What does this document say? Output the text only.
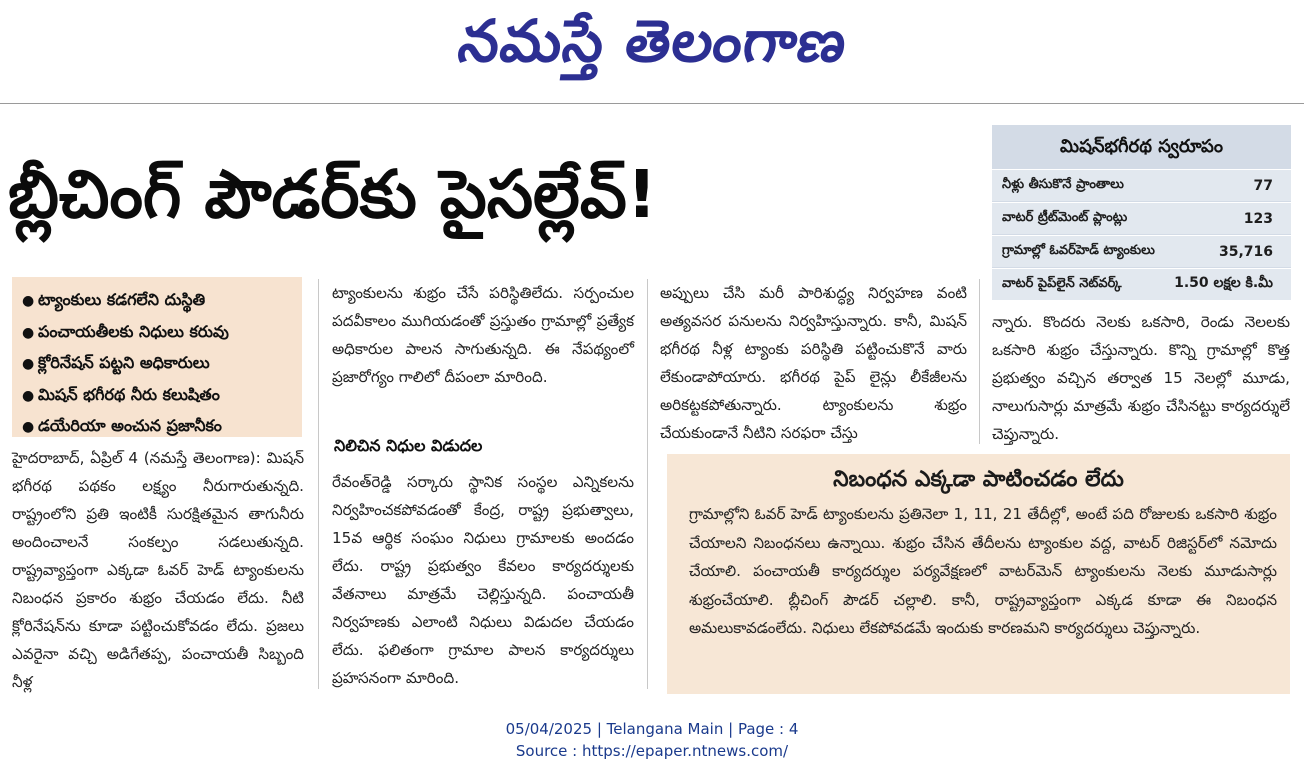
నమస్తే తెలంగాణ
బ్లీచింగ్ పౌడర్‌కు పైసల్లేవ్!
మిషన్‌భగీరథ స్వరూపం
నీళ్లు తీసుకొనే ప్రాంతాలు	77
వాటర్ ట్రీట్‌మెంట్ ప్లాంట్లు	123
గ్రామాల్లో ఓవర్‌హెడ్ ట్యాంకులు	35,716
వాటర్ పైప్‌లైన్ నెట్‌వర్క్	1.50 లక్షల కి.మీ
● ట్యాంకులు కడగలేని దుస్థితి
● పంచాయతీలకు నిధులు కరువు
● క్లోరినేషన్ పట్టని అధికారులు
● మిషన్ భగీరథ నీరు కలుషితం
● డయేరియా అంచున ప్రజానీకం

హైదరాబాద్, ఏప్రిల్ 4 (నమస్తే తెలంగాణ): మిషన్ భగీరథ పథకం లక్ష్యం నీరుగారుతున్నది. రాష్ట్రంలోని ప్రతి ఇంటికీ సురక్షితమైన తాగునీరు అందించాలనే సంకల్పం సడలుతున్నది. రాష్ట్రవ్యాప్తంగా ఎక్కడా ఓవర్ హెడ్ ట్యాంకులను నిబంధన ప్రకారం శుభ్రం చేయడం లేదు. నీటి క్లోరినేషన్‌ను కూడా పట్టించుకోవడం లేదు. ప్రజలు ఎవరైనా వచ్చి అడిగేతప్ప, పంచాయతీ సిబ్బంది నీళ్ల

ట్యాంకులను శుభ్రం చేసే పరిస్థితిలేదు. సర్పంచుల పదవీకాలం ముగియడంతో ప్రస్తుతం గ్రామాల్లో ప్రత్యేక అధికారుల పాలన సాగుతున్నది. ఈ నేపథ్యంలో ప్రజారోగ్యం గాలిలో దీపంలా మారింది.

నిలిచిన నిధుల విడుదల

రేవంత్‌రెడ్డి సర్కారు స్థానిక సంస్థల ఎన్నికలను నిర్వహించకపోవడంతో కేంద్ర, రాష్ట్ర ప్రభుత్వాలు, 15వ ఆర్థిక సంఘం నిధులు గ్రామాలకు అందడం లేదు. రాష్ట్ర ప్రభుత్వం కేవలం కార్యదర్శులకు వేతనాలు మాత్రమే చెల్లిస్తున్నది. పంచాయతీ నిర్వహణకు ఎలాంటి నిధులు విడుదల చేయడం లేదు. ఫలితంగా గ్రామాల పాలన కార్యదర్శులు ప్రహసనంగా మారింది.

అప్పులు చేసి మరీ పారిశుద్ధ్య నిర్వహణ వంటి అత్యవసర పనులను నిర్వహిస్తున్నారు. కానీ, మిషన్ భగీరథ నీళ్ల ట్యాంకు పరిస్థితి పట్టించుకొనే వారు లేకుండాపోయారు. భగీరథ పైప్ లైన్లు లీకేజీలను అరికట్టకపోతున్నారు. ట్యాంకులను శుభ్రం చేయకుండానే నీటిని సరఫరా చేస్తు

న్నారు. కొందరు నెలకు ఒకసారి, రెండు నెలలకు ఒకసారి శుభ్రం చేస్తున్నారు. కొన్ని గ్రామాల్లో కొత్త ప్రభుత్వం వచ్చిన తర్వాత 15 నెలల్లో మూడు, నాలుగుసార్లు మాత్రమే శుభ్రం చేసినట్టు కార్యదర్శులే చెప్తున్నారు.

నిబంధన ఎక్కడా పాటించడం లేదు
గ్రామాల్లోని ఓవర్ హెడ్ ట్యాంకులను ప్రతినెలా 1, 11, 21 తేదీల్లో, అంటే పది రోజులకు ఒకసారి శుభ్రం చేయాలని నిబంధనలు ఉన్నాయి. శుభ్రం చేసిన తేదీలను ట్యాంకుల వద్ద, వాటర్ రిజిస్టర్‌లో నమోదు చేయాలి. పంచాయతీ కార్యదర్శుల పర్యవేక్షణలో వాటర్‌మెన్ ట్యాంకులను నెలకు మూడుసార్లు శుభ్రంచేయాలి. బ్లీచింగ్ పౌడర్ చల్లాలి. కానీ, రాష్ట్రవ్యాప్తంగా ఎక్కడ కూడా ఈ నిబంధన అమలుకావడంలేదు. నిధులు లేకపోవడమే ఇందుకు కారణమని కార్యదర్శులు చెప్తున్నారు.
05/04/2025 | Telangana Main | Page : 4
Source : https://epaper.ntnews.com/
